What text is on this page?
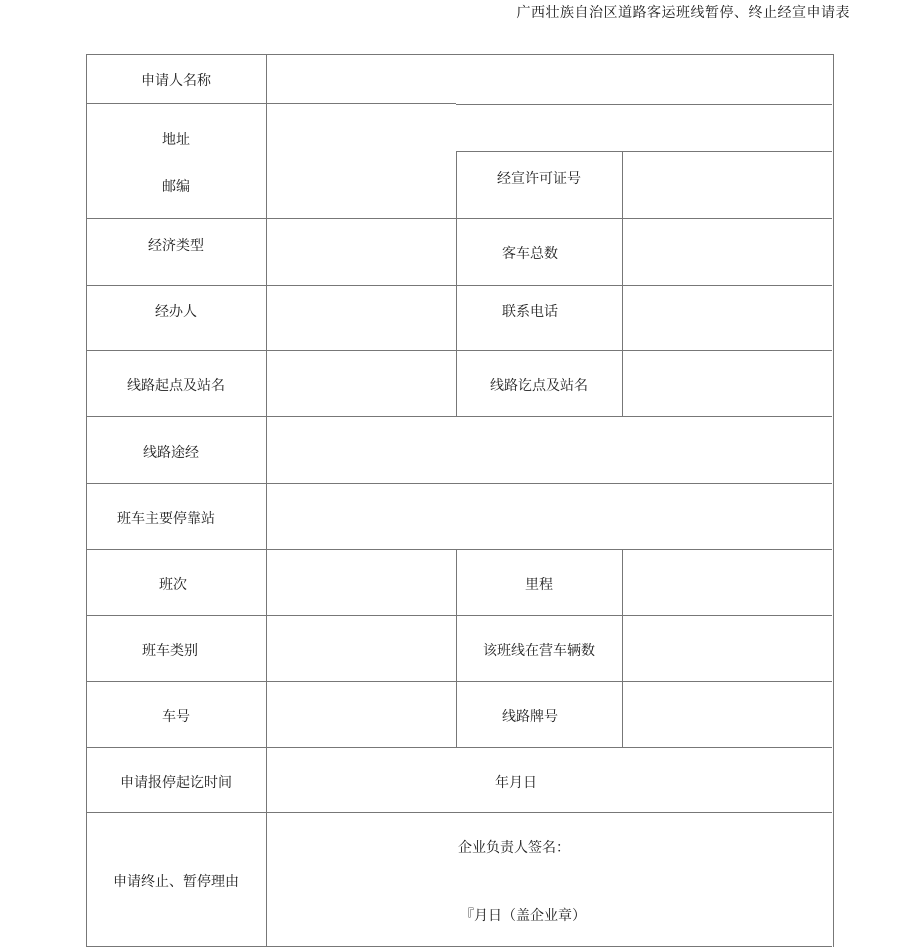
广西壮族自治区道路客运班线暂停、终止经宣申请表
申请人名称
地址
邮编	经宣许可证号
经济类型	客车总数
经办人	联系电话
线路起点及站名	线路讫点及站名
线路途经
班车主要停靠站
班次	里程
班车类别	该班线在营车辆数
车号	线路牌号
申请报停起讫时间	年月日
申请终止、暂停理由
企业负责人签名：
『月日（盖企业章）
